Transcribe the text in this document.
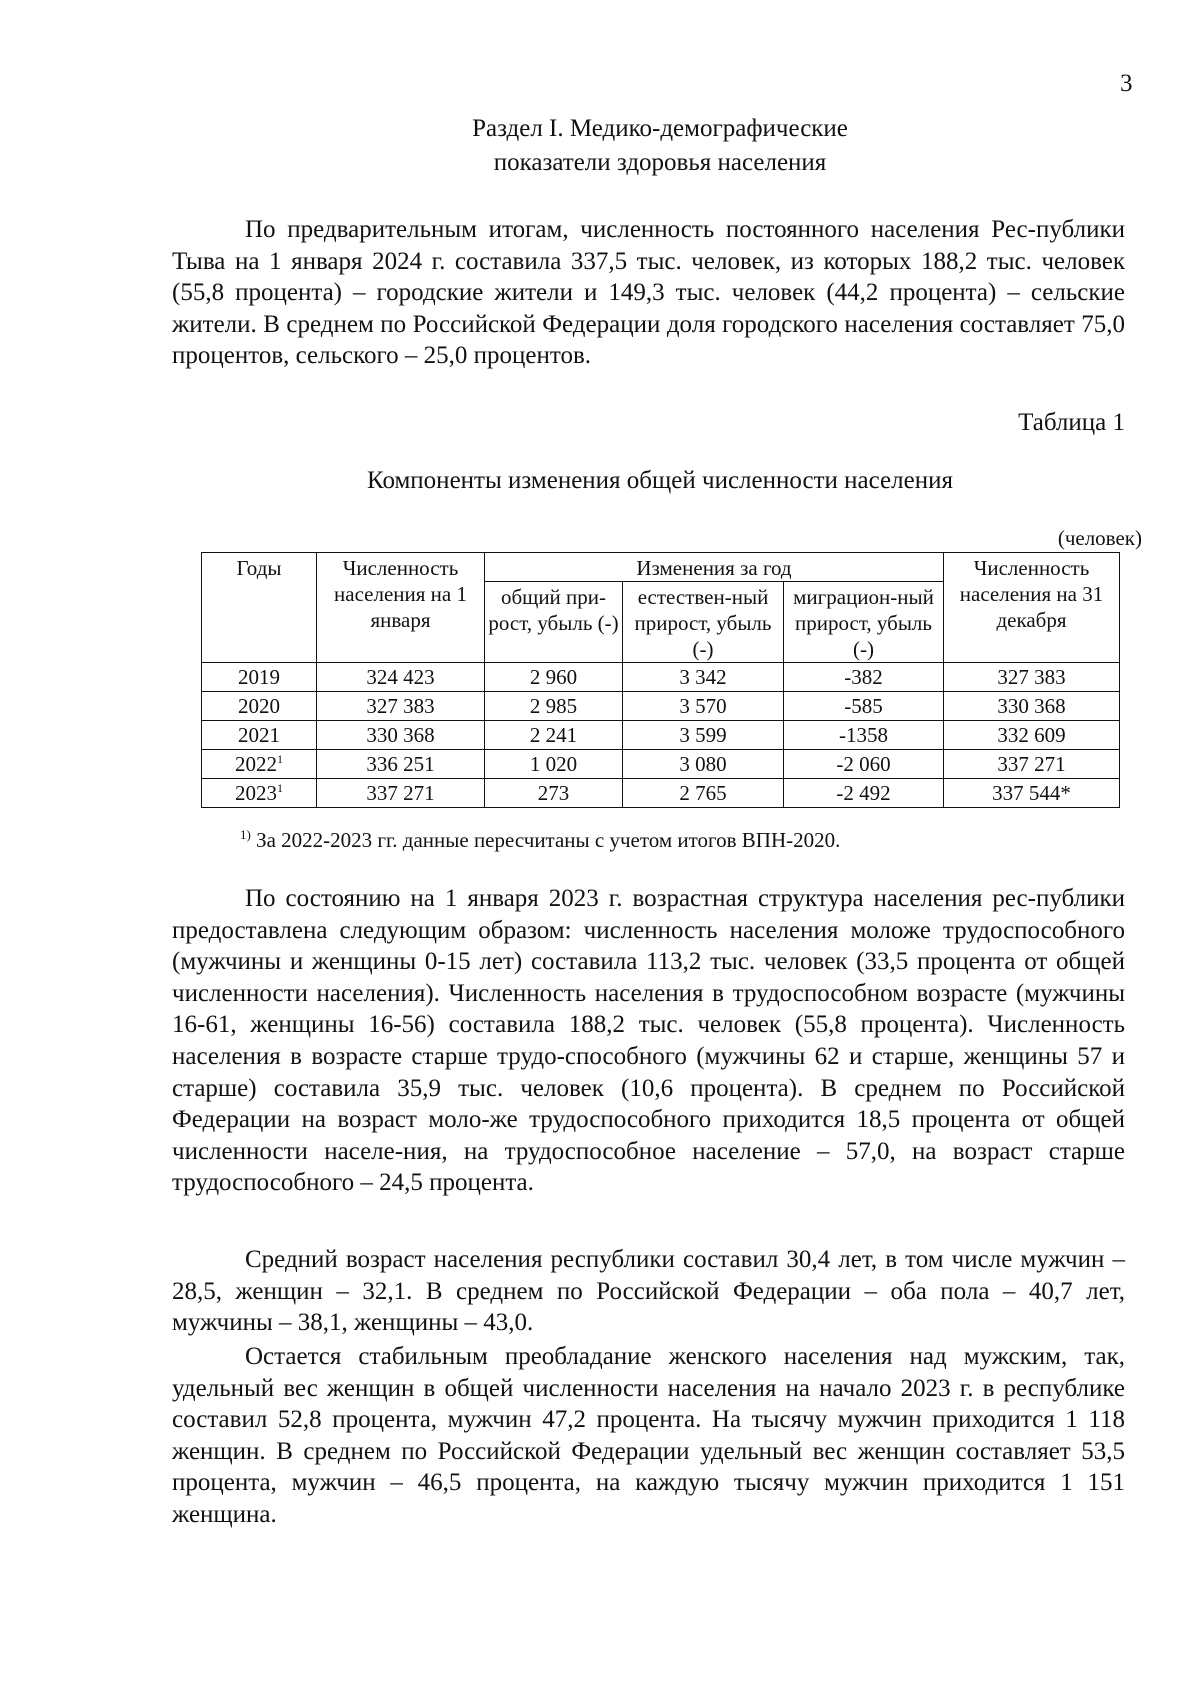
3
Раздел I. Медико-демографические
показатели здоровья населения

По предварительным итогам, численность постоянного населения Рес-публики Тыва на 1 января 2024 г. составила 337,5 тыс. человек, из которых 188,2 тыс. человек (55,8 процента) – городские жители и 149,3 тыс. человек (44,2 процента) – сельские жители. В среднем по Российской Федерации доля городского населения составляет 75,0 процентов, сельского – 25,0 процентов.

Таблица 1
Компоненты изменения общей численности населения
(человек)
Годы	Численность населения на 1 января	Изменения за год			Численность населения на 31 декабря
		общий при-рост, убыль (-)	естествен-ный прирост, убыль (-)	миграцион-ный прирост, убыль (-)	
2019	324 423	2 960	3 342	-382	327 383
2020	327 383	2 985	3 570	-585	330 368
2021	330 368	2 241	3 599	-1358	332 609
2022$^1$	336 251	1 020	3 080	-2 060	337 271
2023$^1$	337 271	273	2 765	-2 492	337 544*
$^{1)}$ За 2022-2023 гг. данные пересчитаны с учетом итогов ВПН-2020.

По состоянию на 1 января 2023 г. возрастная структура населения рес-публики предоставлена следующим образом: численность населения моложе трудоспособного (мужчины и женщины 0-15 лет) составила 113,2 тыс. человек (33,5 процента от общей численности населения). Численность населения в трудоспособном возрасте (мужчины 16-61, женщины 16-56) составила 188,2 тыс. человек (55,8 процента). Численность населения в возрасте старше трудо-способного (мужчины 62 и старше, женщины 57 и старше) составила 35,9 тыс. человек (10,6 процента). В среднем по Российской Федерации на возраст моло-же трудоспособного приходится 18,5 процента от общей численности населе-ния, на трудоспособное население – 57,0, на возраст старше трудоспособного – 24,5 процента.

Средний возраст населения республики составил 30,4 лет, в том числе мужчин – 28,5, женщин – 32,1. В среднем по Российской Федерации – оба пола – 40,7 лет, мужчины – 38,1, женщины – 43,0.

Остается стабильным преобладание женского населения над мужским, так, удельный вес женщин в общей численности населения на начало 2023 г. в республике составил 52,8 процента, мужчин 47,2 процента. На тысячу мужчин приходится 1 118 женщин. В среднем по Российской Федерации удельный вес женщин составляет 53,5 процента, мужчин – 46,5 процента, на каждую тысячу мужчин приходится 1 151 женщина.
